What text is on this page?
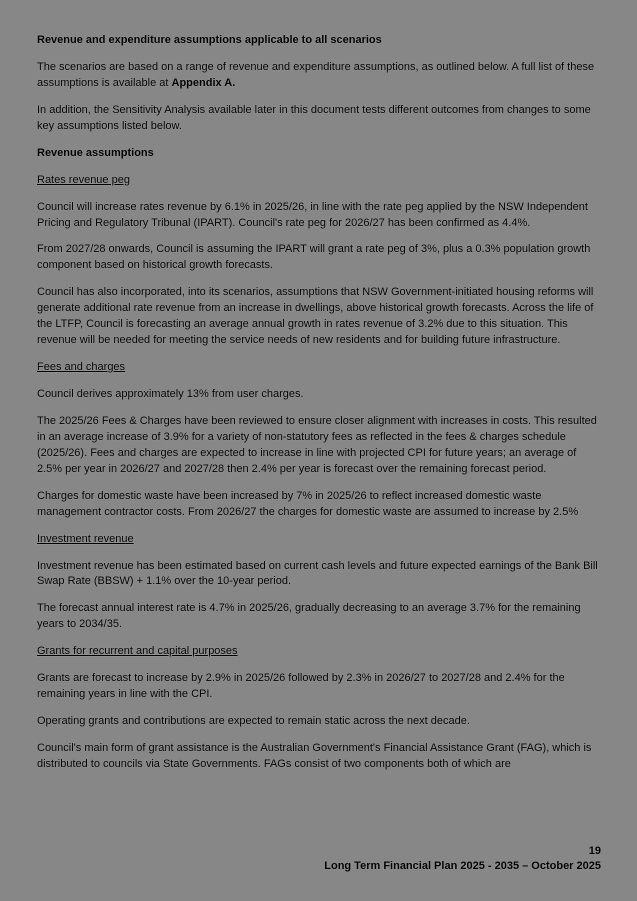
Revenue and expenditure assumptions applicable to all scenarios

The scenarios are based on a range of revenue and expenditure assumptions, as outlined below. A full list of these assumptions is available at Appendix A.

In addition, the Sensitivity Analysis available later in this document tests different outcomes from changes to some key assumptions listed below.

Revenue assumptions

Rates revenue peg

Council will increase rates revenue by 6.1% in 2025/26, in line with the rate peg applied by the NSW Independent Pricing and Regulatory Tribunal (IPART). Council's rate peg for 2026/27 has been confirmed as 4.4%.

From 2027/28 onwards, Council is assuming the IPART will grant a rate peg of 3%, plus a 0.3% population growth component based on historical growth forecasts.

Council has also incorporated, into its scenarios, assumptions that NSW Government-initiated housing reforms will generate additional rate revenue from an increase in dwellings, above historical growth forecasts. Across the life of the LTFP, Council is forecasting an average annual growth in rates revenue of 3.2% due to this situation. This revenue will be needed for meeting the service needs of new residents and for building future infrastructure.

Fees and charges

Council derives approximately 13% from user charges.

The 2025/26 Fees & Charges have been reviewed to ensure closer alignment with increases in costs. This resulted in an average increase of 3.9% for a variety of non-statutory fees as reflected in the fees & charges schedule (2025/26). Fees and charges are expected to increase in line with projected CPI for future years; an average of 2.5% per year in 2026/27 and 2027/28 then 2.4% per year is forecast over the remaining forecast period.

Charges for domestic waste have been increased by 7% in 2025/26 to reflect increased domestic waste management contractor costs. From 2026/27 the charges for domestic waste are assumed to increase by 2.5%

Investment revenue

Investment revenue has been estimated based on current cash levels and future expected earnings of the Bank Bill Swap Rate (BBSW) + 1.1% over the 10-year period.

The forecast annual interest rate is 4.7% in 2025/26, gradually decreasing to an average 3.7% for the remaining years to 2034/35.

Grants for recurrent and capital purposes

Grants are forecast to increase by 2.9% in 2025/26 followed by 2.3% in 2026/27 to 2027/28 and 2.4% for the remaining years in line with the CPI.

Operating grants and contributions are expected to remain static across the next decade.

Council's main form of grant assistance is the Australian Government's Financial Assistance Grant (FAG), which is distributed to councils via State Governments. FAGs consist of two components both of which are

19
Long Term Financial Plan 2025 - 2035 – October 2025
